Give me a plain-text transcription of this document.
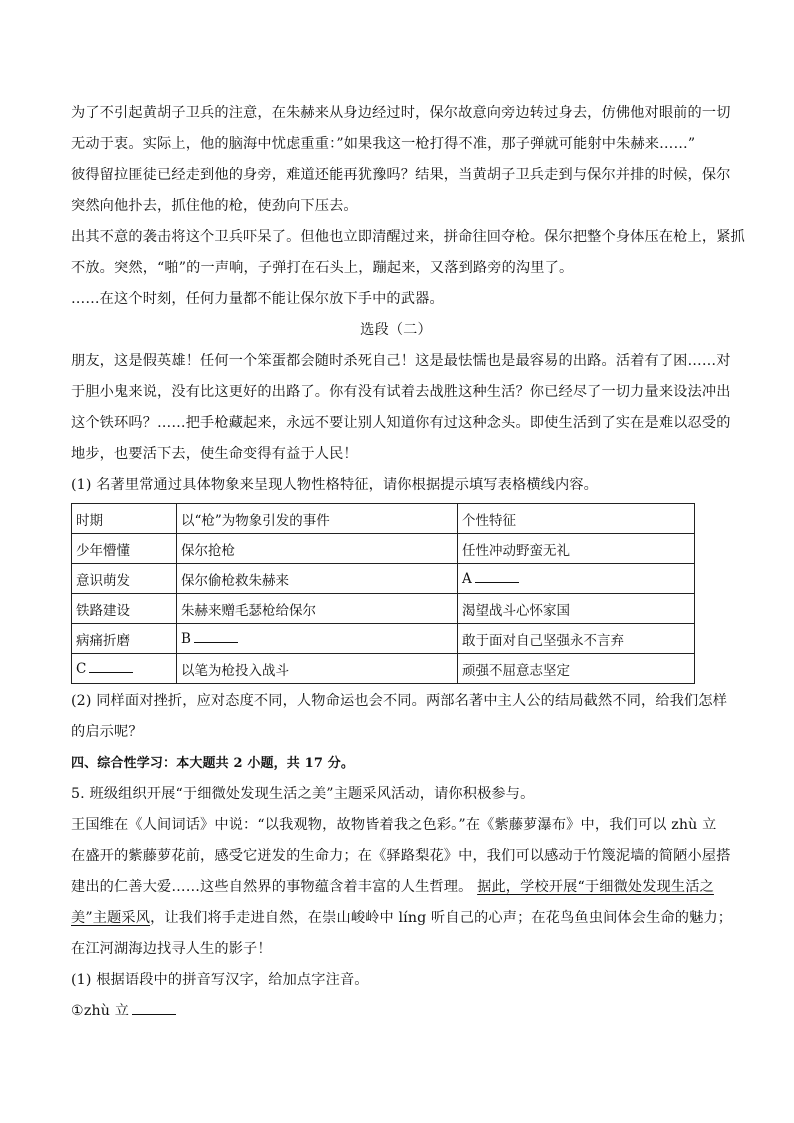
为了不引起黄胡子卫兵的注意，在朱赫来从身边经过时，保尔故意向旁边转过身去，仿佛他对眼前的一切
无动于衷。实际上，他的脑海中忧虑重重：”如果我这一枪打得不准，那子弹就可能射中朱赫来……”
彼得留拉匪徒已经走到他的身旁，难道还能再犹豫吗？结果，当黄胡子卫兵走到与保尔并排的时候，保尔
突然向他扑去，抓住他的枪，使劲向下压去。
出其不意的袭击将这个卫兵吓呆了。但他也立即清醒过来，拼命往回夺枪。保尔把整个身体压在枪上，紧抓
不放。突然，“啪”的一声响，子弹打在石头上，蹦起来，又落到路旁的沟里了。
……在这个时刻，任何力量都不能让保尔放下手中的武器。
选段（二）
朋友，这是假英雄！任何一个笨蛋都会随时杀死自己！这是最怯懦也是最容易的出路。活着有了困……对
于胆小鬼来说，没有比这更好的出路了。你有没有试着去战胜这种生活？你已经尽了一切力量来设法冲出
这个铁环吗？……把手枪藏起来，永远不要让别人知道你有过这种念头。即使生活到了实在是难以忍受的
地步，也要活下去，使生命变得有益于人民！
(1) 名著里常通过具体物象来呈现人物性格特征，请你根据提示填写表格横线内容。
时期	以“枪”为物象引发的事件	个性特征
少年懵懂	保尔抢枪	任性冲动野蛮无礼
意识萌发	保尔偷枪救朱赫来	A
铁路建设	朱赫来赠毛瑟枪给保尔	渴望战斗心怀家国
病痛折磨	B	敢于面对自己坚强永不言弃
C	以笔为枪投入战斗	顽强不屈意志坚定
(2) 同样面对挫折，应对态度不同，人物命运也会不同。两部名著中主人公的结局截然不同，给我们怎样
的启示呢？
四、综合性学习：本大题共 2 小题，共 17 分。
5. 班级组织开展“于细微处发现生活之美”主题采风活动，请你积极参与。
王国维在《人间词话》中说：“以我观物，故物皆着我之色彩。”在《紫藤萝瀑布》中，我们可以 zhù 立
在盛开的紫藤萝花前，感受它迸发的生命力；在《驿路梨花》中，我们可以感动于竹篾泥墙的简陋小屋搭
建出的仁善大爱……这些自然界的事物蕴含着丰富的人生哲理。 据此，学校开展“于细微处发现生活之
美”主题采风，让我们将手走进自然，在崇山峻岭中 líng 听自己的心声；在花鸟鱼虫间体会生命的魅力；
在江河湖海边找寻人生的影子！
(1) 根据语段中的拼音写汉字，给加点字注音。
①zhù 立
